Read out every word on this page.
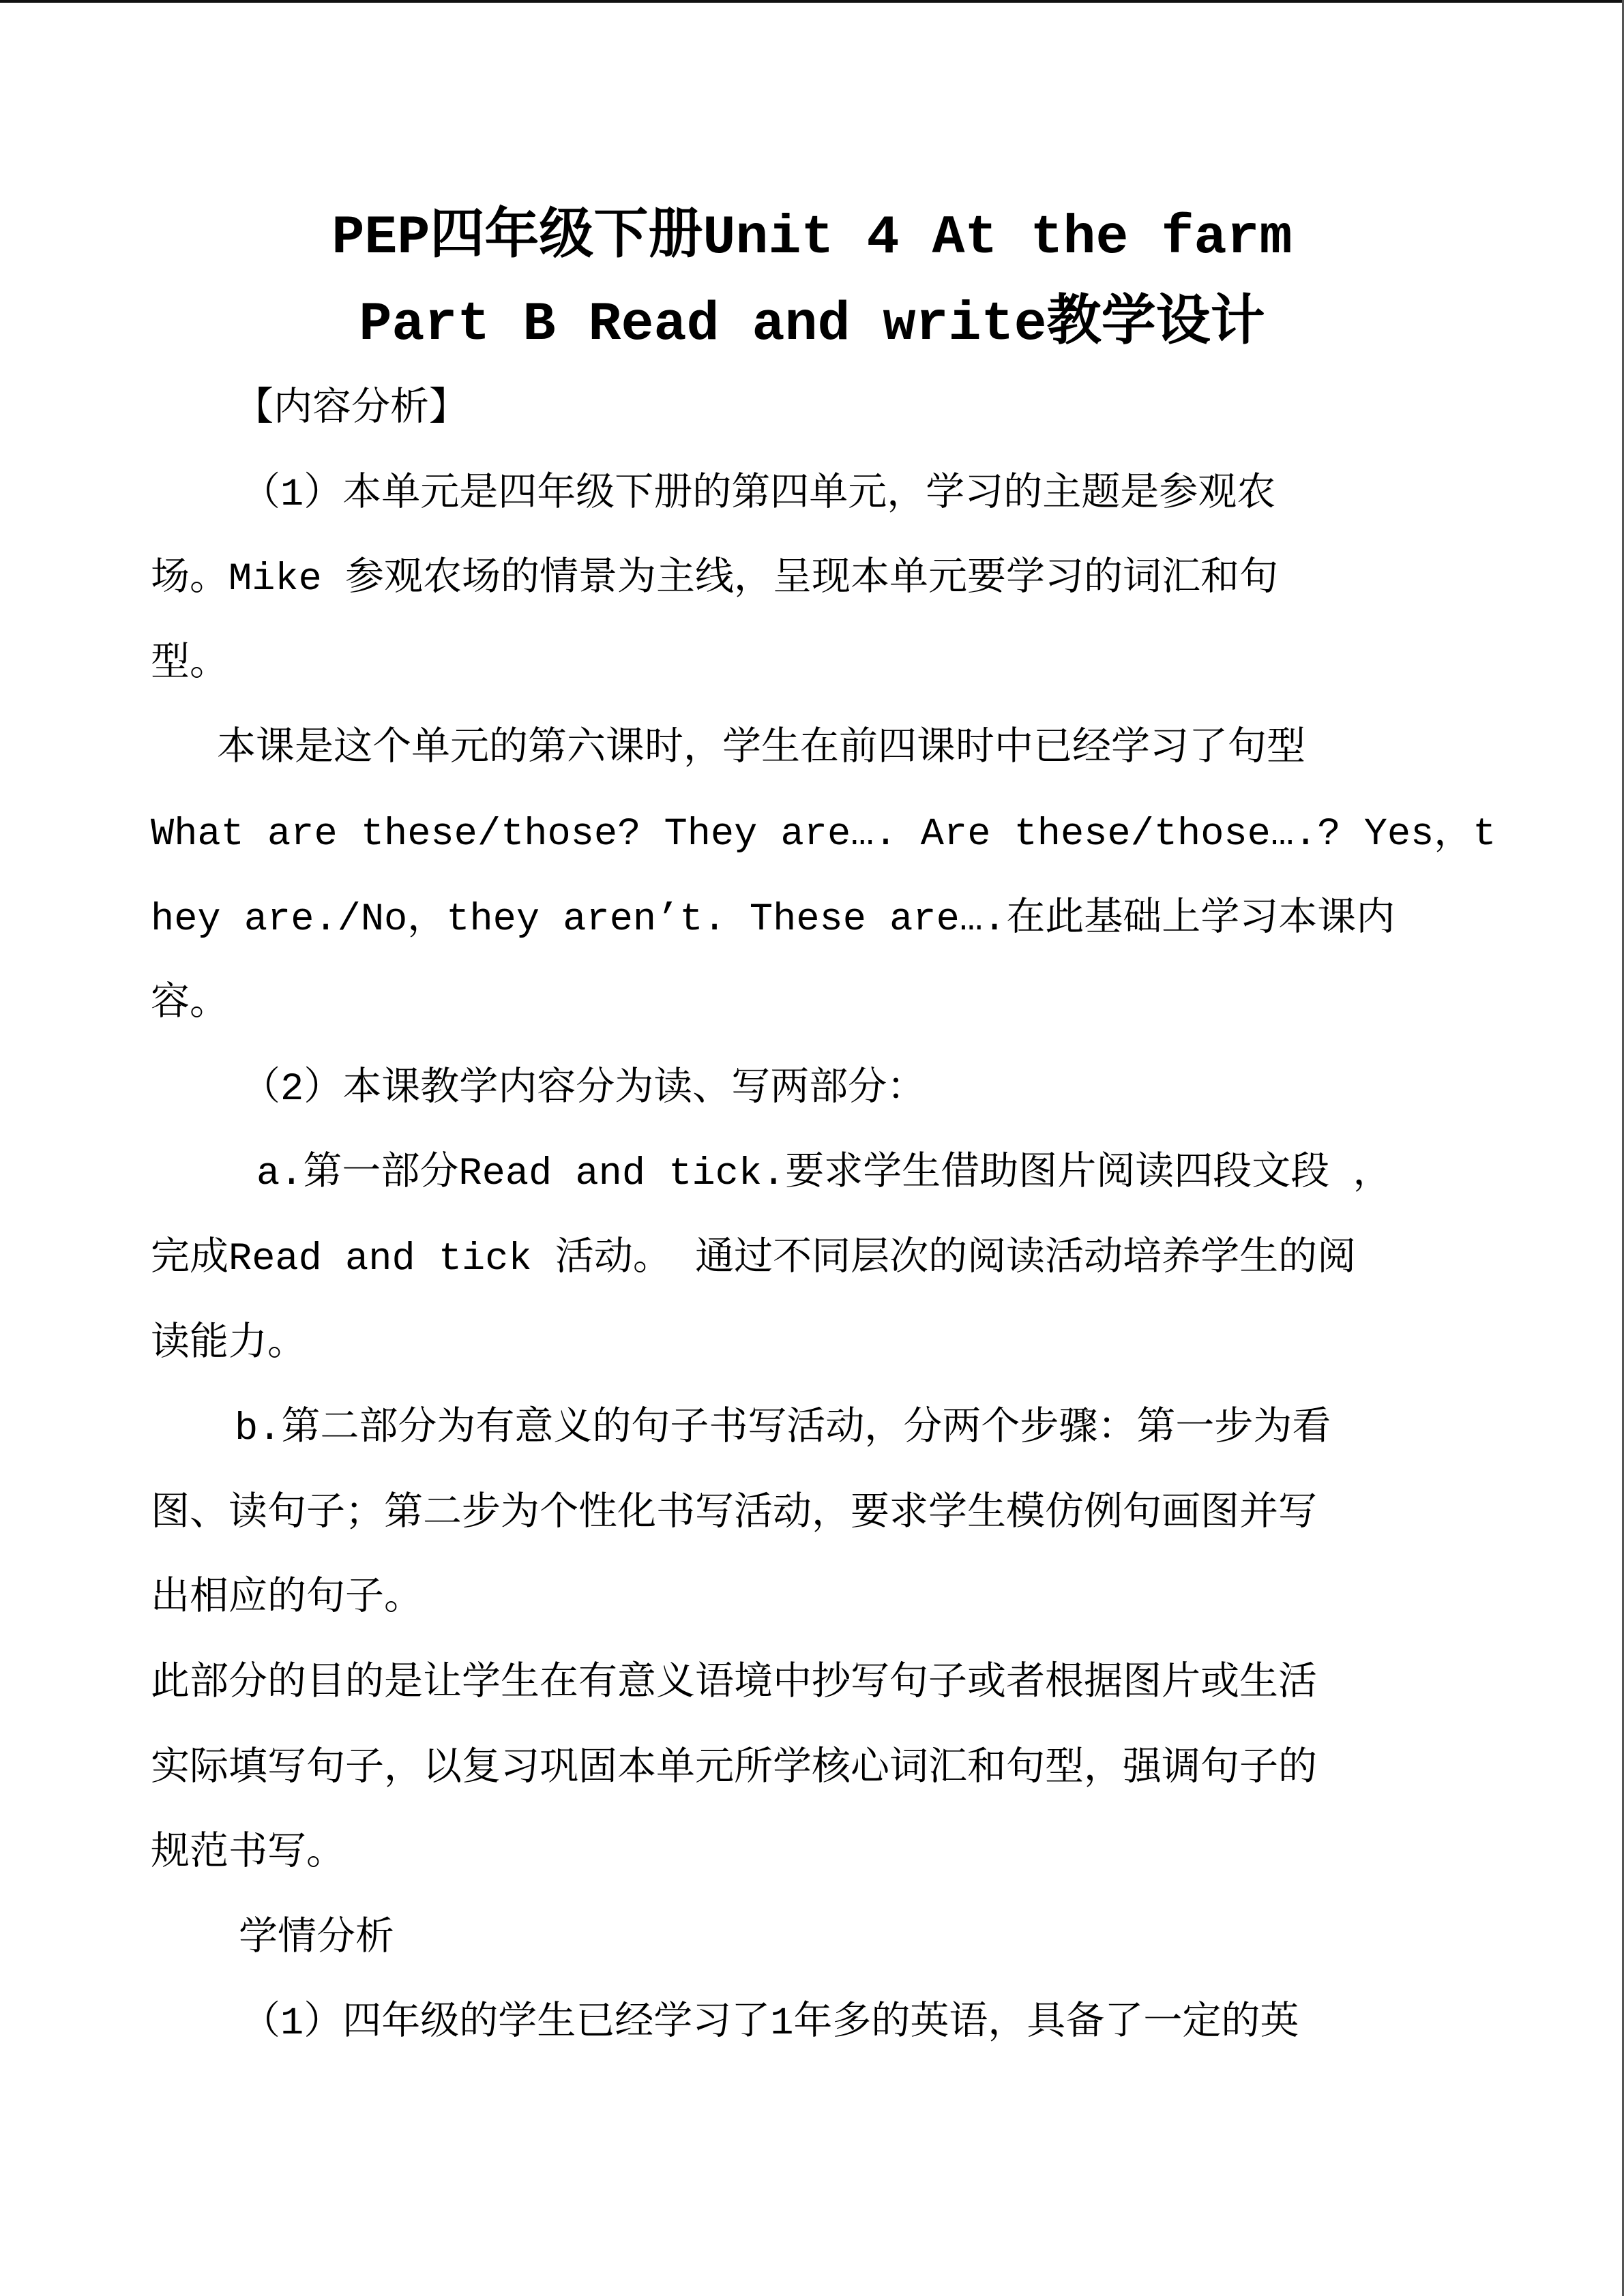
PEP四年级下册Unit 4 At the farm
Part B Read and write教学设计
【内容分析】
（1）本单元是四年级下册的第四单元，学习的主题是参观农
场。Mike 参观农场的情景为主线，呈现本单元要学习的词汇和句
型。
本课是这个单元的第六课时，学生在前四课时中已经学习了句型
What are these/those? They are…. Are these/those….? Yes，t
hey are./No，they aren’t. These are….在此基础上学习本课内
容。
（2）本课教学内容分为读、写两部分：
a.第一部分Read and tick.要求学生借助图片阅读四段文段 ，
完成Read and tick 活动。 通过不同层次的阅读活动培养学生的阅
读能力。
b.第二部分为有意义的句子书写活动，分两个步骤：第一步为看
图、读句子；第二步为个性化书写活动，要求学生模仿例句画图并写
出相应的句子。
此部分的目的是让学生在有意义语境中抄写句子或者根据图片或生活
实际填写句子，以复习巩固本单元所学核心词汇和句型，强调句子的
规范书写。
学情分析
（1）四年级的学生已经学习了1年多的英语，具备了一定的英
